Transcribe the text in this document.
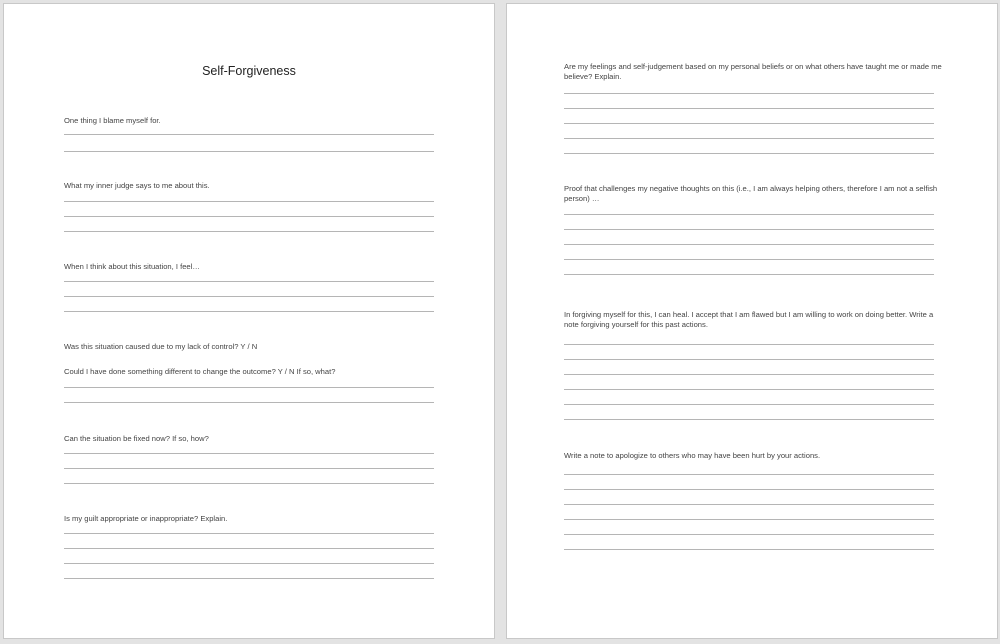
Self-Forgiveness
One thing I blame myself for.
What my inner judge says to me about this.
When I think about this situation, I feel…
Was this situation caused due to my lack of control? Y / N
Could I have done something different to change the outcome? Y / N If so, what?
Can the situation be fixed now? If so, how?
Is my guilt appropriate or inappropriate? Explain.
Are my feelings and self-judgement based on my personal beliefs or on what others have taught me or made me believe? Explain.
Proof that challenges my negative thoughts on this (i.e., I am always helping others, therefore I am not a selfish person) …
In forgiving myself for this, I can heal. I accept that I am flawed but I am willing to work on doing better. Write a note forgiving yourself for this past actions.
Write a note to apologize to others who may have been hurt by your actions.
